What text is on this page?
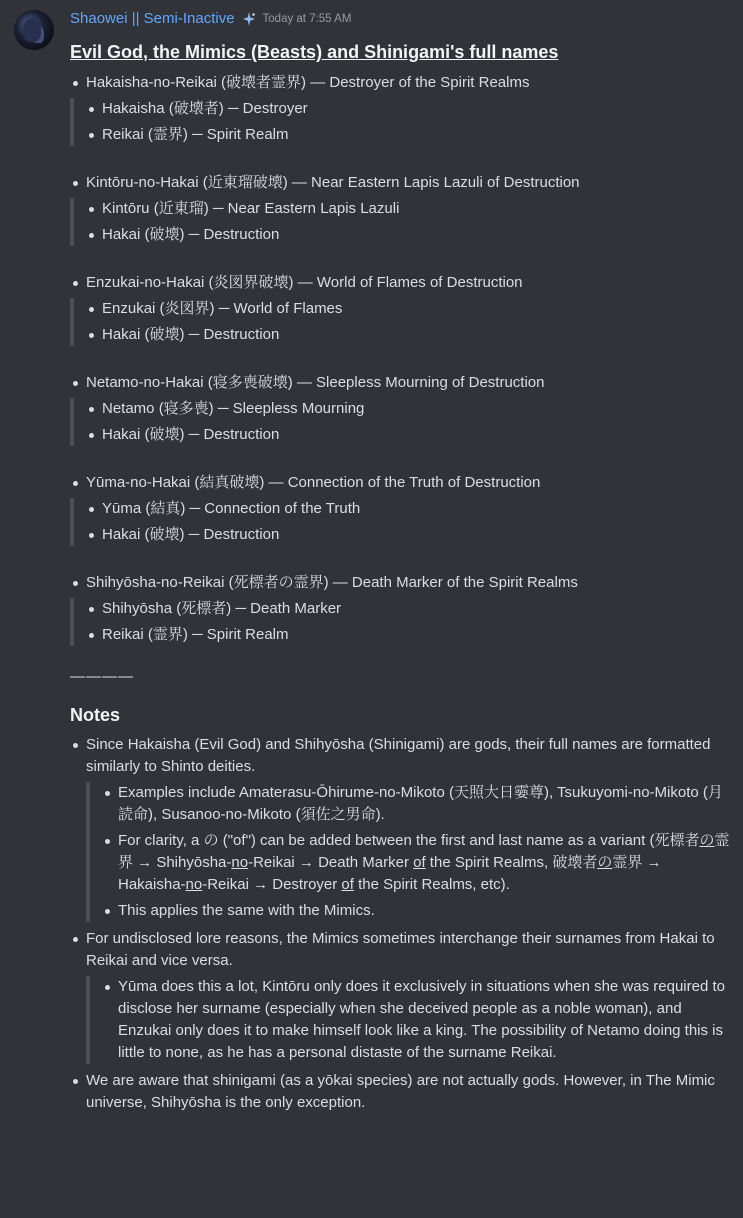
Shaowei || Semi-Inactive Today at 7:55 AM
Evil God, the Mimics (Beasts) and Shinigami's full names
Hakaisha-no-Reikai (破壊者霊界) — Destroyer of the Spirit Realms
Hakaisha (破壊者) ─ Destroyer
Reikai (霊界) ─ Spirit Realm
Kintōru-no-Hakai (近東瑠破壊) — Near Eastern Lapis Lazuli of Destruction
Kintōru (近東瑠) ─ Near Eastern Lapis Lazuli
Hakai (破壊) ─ Destruction
Enzukai-no-Hakai (炎図界破壊) — World of Flames of Destruction
Enzukai (炎図界) ─ World of Flames
Hakai (破壊) ─ Destruction
Netamo-no-Hakai (寝多喪破壊) — Sleepless Mourning of Destruction
Netamo (寝多喪) ─ Sleepless Mourning
Hakai (破壊) ─ Destruction
Yūma-no-Hakai (結真破壊) — Connection of the Truth of Destruction
Yūma (結真) ─ Connection of the Truth
Hakai (破壊) ─ Destruction
Shihyōsha-no-Reikai (死標者の霊界) — Death Marker of the Spirit Realms
Shihyōsha (死標者) ─ Death Marker
Reikai (霊界) ─ Spirit Realm
————
Notes
Since Hakaisha (Evil God) and Shihyōsha (Shinigami) are gods, their full names are formatted similarly to Shinto deities.
Examples include Amaterasu-Ōhirume-no-Mikoto (天照大日孁尊), Tsukuyomi-no-Mikoto (月読命), Susanoo-no-Mikoto (須佐之男命).
For clarity, a の ("of") can be added between the first and last name as a variant (死標者の霊界 → Shihyōsha-no-Reikai → Death Marker of the Spirit Realms, 破壊者の霊界 → Hakaisha-no-Reikai → Destroyer of the Spirit Realms, etc).
This applies the same with the Mimics.
For undisclosed lore reasons, the Mimics sometimes interchange their surnames from Hakai to Reikai and vice versa.
Yūma does this a lot, Kintōru only does it exclusively in situations when she was required to disclose her surname (especially when she deceived people as a noble woman), and Enzukai only does it to make himself look like a king. The possibility of Netamo doing this is little to none, as he has a personal distaste of the surname Reikai.
We are aware that shinigami (as a yōkai species) are not actually gods. However, in The Mimic universe, Shihyōsha is the only exception.
